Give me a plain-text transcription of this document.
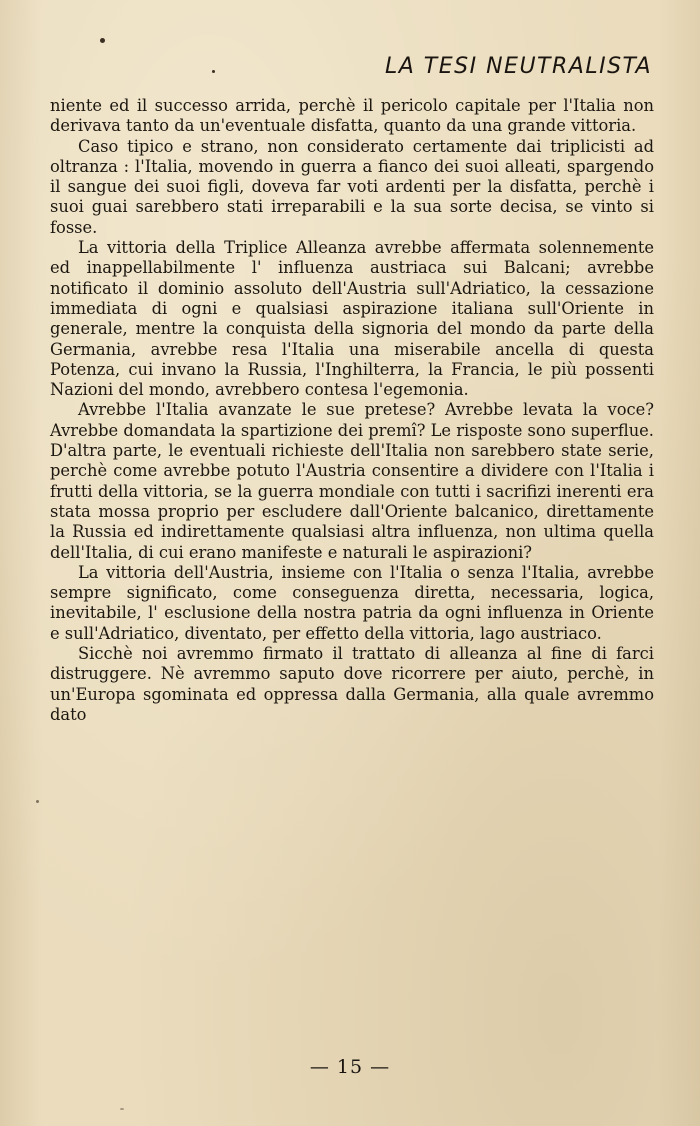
LA TESI NEUTRALISTA

niente ed il successo arrida, perchè il pericolo capitale per l'Italia non derivava tanto da un'eventuale disfatta, quanto da una grande vittoria.

Caso tipico e strano, non considerato certamente dai triplicisti ad oltranza : l'Italia, movendo in guerra a fianco dei suoi alleati, spargendo il sangue dei suoi figli, doveva far voti ardenti per la disfatta, perchè i suoi guai sarebbero stati irreparabili e la sua sorte decisa, se vinto si fosse.

La vittoria della Triplice Alleanza avrebbe affermata solennemente ed inappellabilmente l' influenza austriaca sui Balcani; avrebbe notificato il dominio assoluto dell'Austria sull'Adriatico, la cessazione immediata di ogni e qualsiasi aspirazione italiana sull'Oriente in generale, mentre la conquista della signoria del mondo da parte della Germania, avrebbe resa l'Italia una miserabile ancella di questa Potenza, cui invano la Russia, l'Inghilterra, la Francia, le più possenti Nazioni del mondo, avrebbero contesa l'egemonia.

Avrebbe l'Italia avanzate le sue pretese? Avrebbe levata la voce? Avrebbe domandata la spartizione dei premî? Le risposte sono superflue. D'altra parte, le eventuali richieste dell'Italia non sarebbero state serie, perchè come avrebbe potuto l'Austria consentire a dividere con l'Italia i frutti della vittoria, se la guerra mondiale con tutti i sacrifizi inerenti era stata mossa proprio per escludere dall'Oriente balcanico, direttamente la Russia ed indirettamente qualsiasi altra influenza, non ultima quella dell'Italia, di cui erano manifeste e naturali le aspirazioni?

La vittoria dell'Austria, insieme con l'Italia o senza l'Italia, avrebbe sempre significato, come conseguenza diretta, necessaria, logica, inevitabile, l' esclusione della nostra patria da ogni influenza in Oriente e sull'Adriatico, diventato, per effetto della vittoria, lago austriaco.

Sicchè noi avremmo firmato il trattato di alleanza al fine di farci distruggere. Nè avremmo saputo dove ricorrere per aiuto, perchè, in un'Europa sgominata ed oppressa dalla Germania, alla quale avremmo dato

— 15 —
